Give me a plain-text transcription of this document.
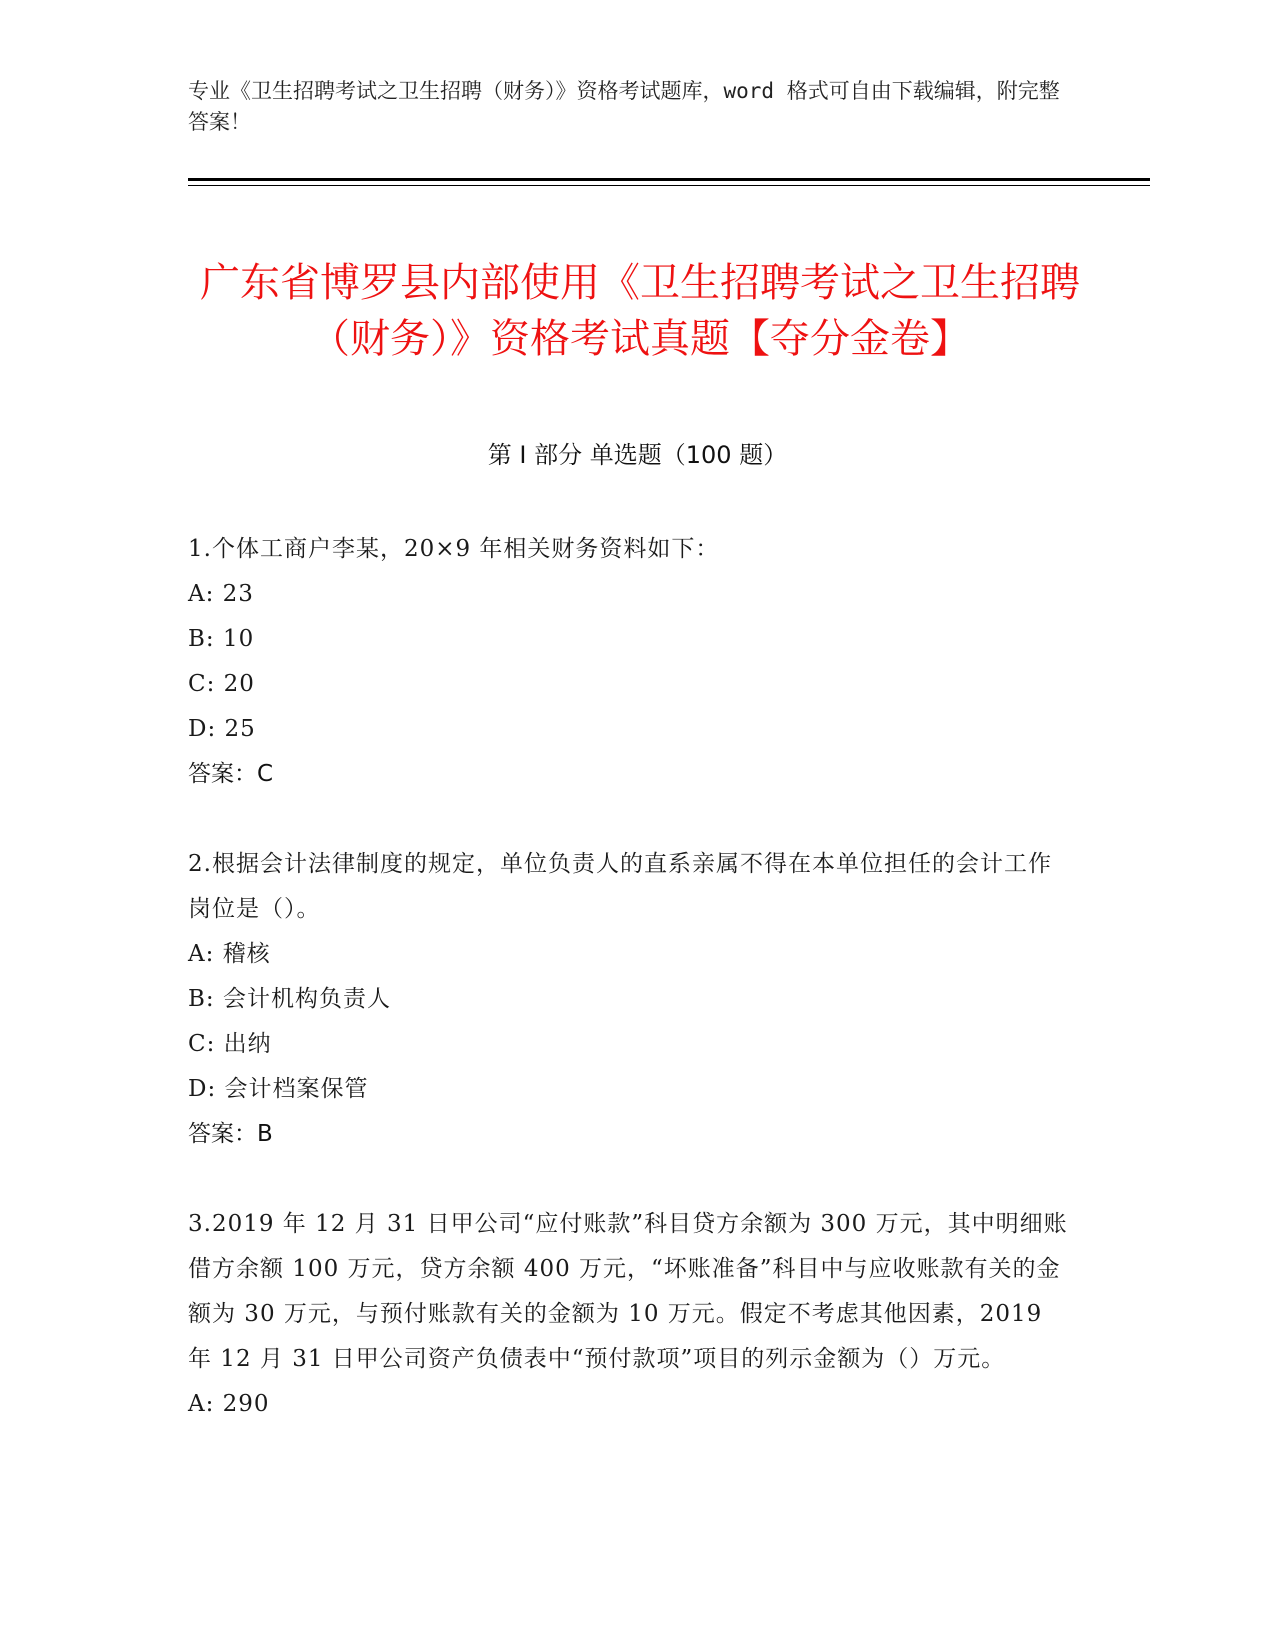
专业《卫生招聘考试之卫生招聘（财务）》资格考试题库，word 格式可自由下载编辑，附完整答案！
广东省博罗县内部使用《卫生招聘考试之卫生招聘（财务）》资格考试真题【夺分金卷】
第 I 部分 单选题（100 题）
1.个体工商户李某，20×9 年相关财务资料如下：
A: 23
B: 10
C: 20
D: 25
答案：C
2.根据会计法律制度的规定，单位负责人的直系亲属不得在本单位担任的会计工作岗位是（）。
A: 稽核
B: 会计机构负责人
C: 出纳
D: 会计档案保管
答案：B
3.2019 年 12 月 31 日甲公司“应付账款”科目贷方余额为 300 万元，其中明细账借方余额 100 万元，贷方余额 400 万元，“坏账准备”科目中与应收账款有关的金额为 30 万元，与预付账款有关的金额为 10 万元。假定不考虑其他因素，2019 年 12 月 31 日甲公司资产负债表中“预付款项”项目的列示金额为（）万元。
A: 290
